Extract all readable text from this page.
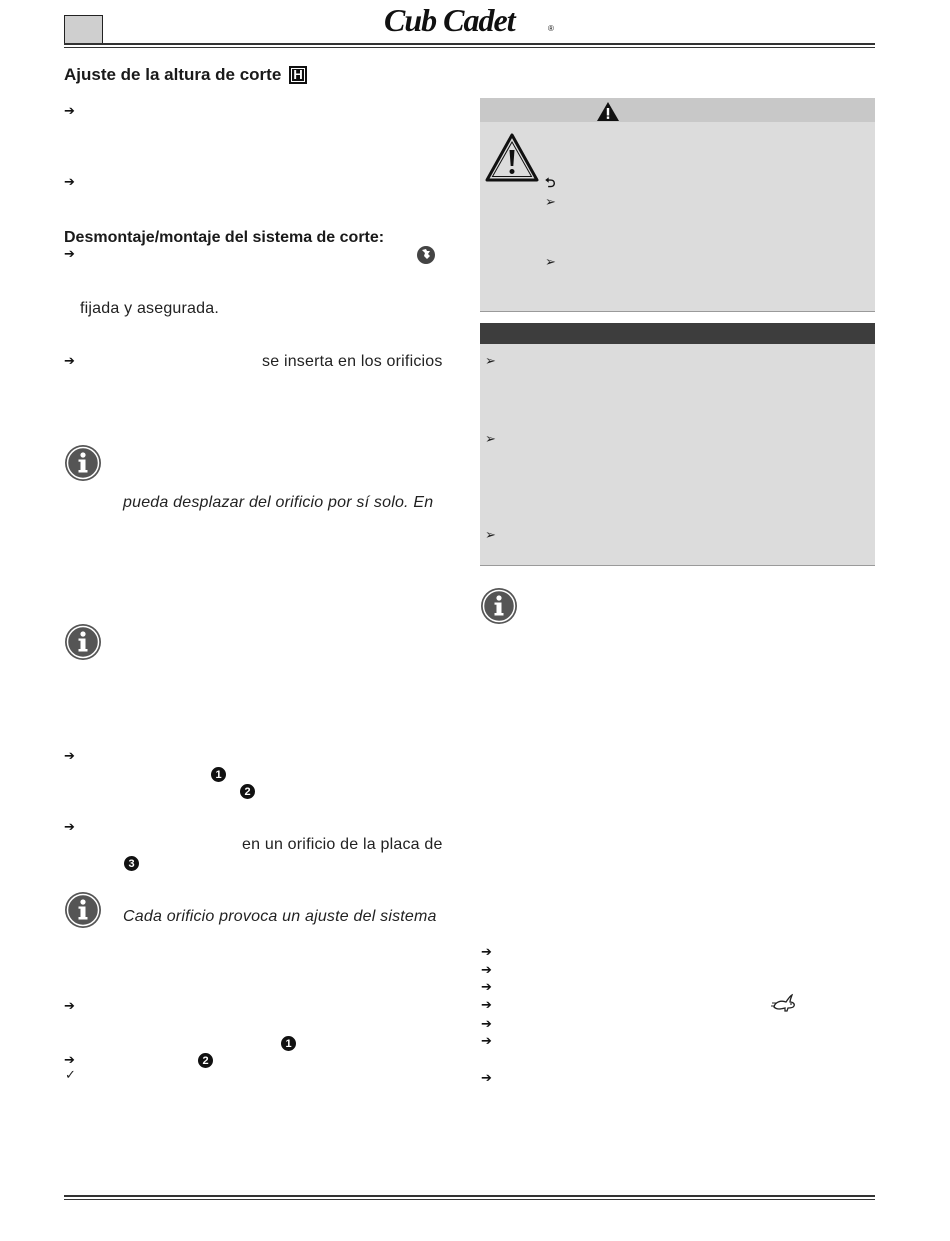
Cub Cadet	®
Ajuste de la altura de corte H
➔
➔
Desmontaje/montaje del sistema de corte:
➔
fijada y asegurada.
➔	se inserta en los orificios
pueda desplazar del orificio por sí solo. En
➔
1
2
➔
en un orificio de la placa de
3
Cada orificio provoca un ajuste del sistema
➔
1
➔	2
✓
⮌
➢
➢
➢
➢
➢
➔
➔
➔
➔
➔
➔
➔
